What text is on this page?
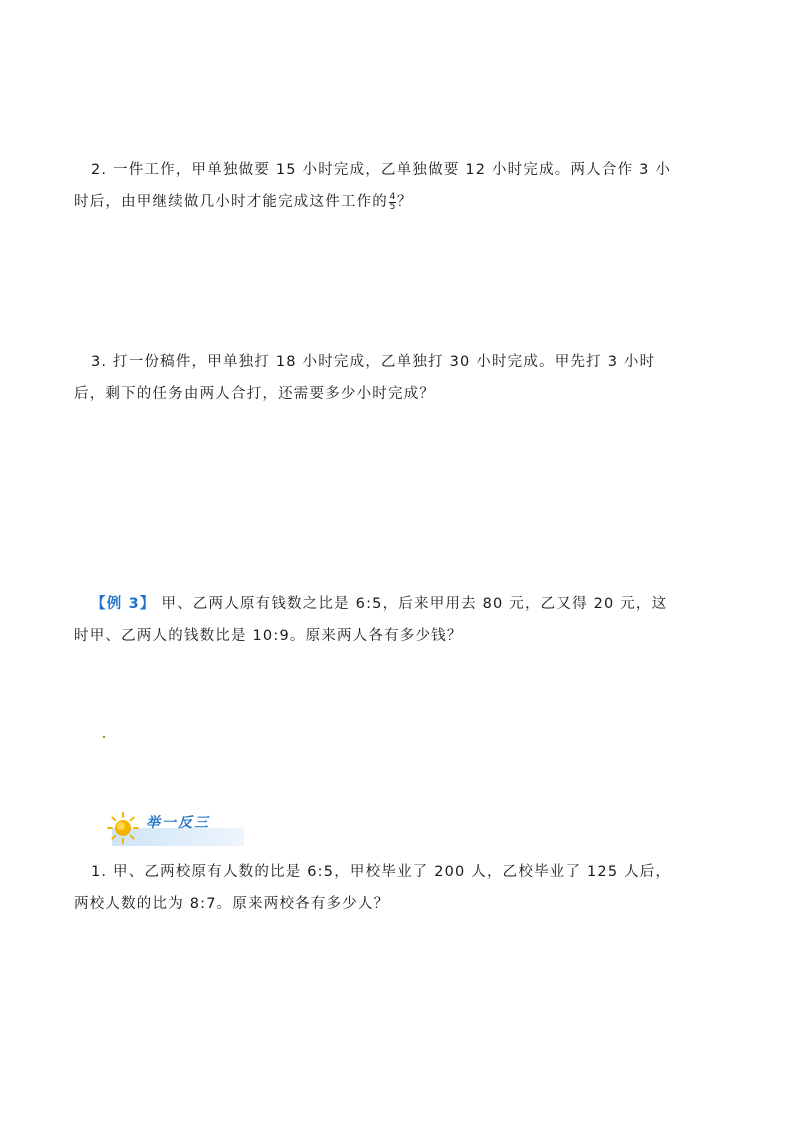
2. 一件工作，甲单独做要 15 小时完成，乙单独做要 12 小时完成。两人合作 3 小
时后，由甲继续做几小时才能完成这件工作的 $\frac{4}{5}$ ？
3. 打一份稿件，甲单独打 18 小时完成，乙单独打 30 小时完成。甲先打 3 小时
后，剩下的任务由两人合打，还需要多少小时完成？
【例 3】 甲、乙两人原有钱数之比是 6:5，后来甲用去 80 元，乙又得 20 元，这
时甲、乙两人的钱数比是 10:9。原来两人各有多少钱？
举一反三
1. 甲、乙两校原有人数的比是 6:5，甲校毕业了 200 人，乙校毕业了 125 人后，
两校人数的比为 8:7。原来两校各有多少人？
